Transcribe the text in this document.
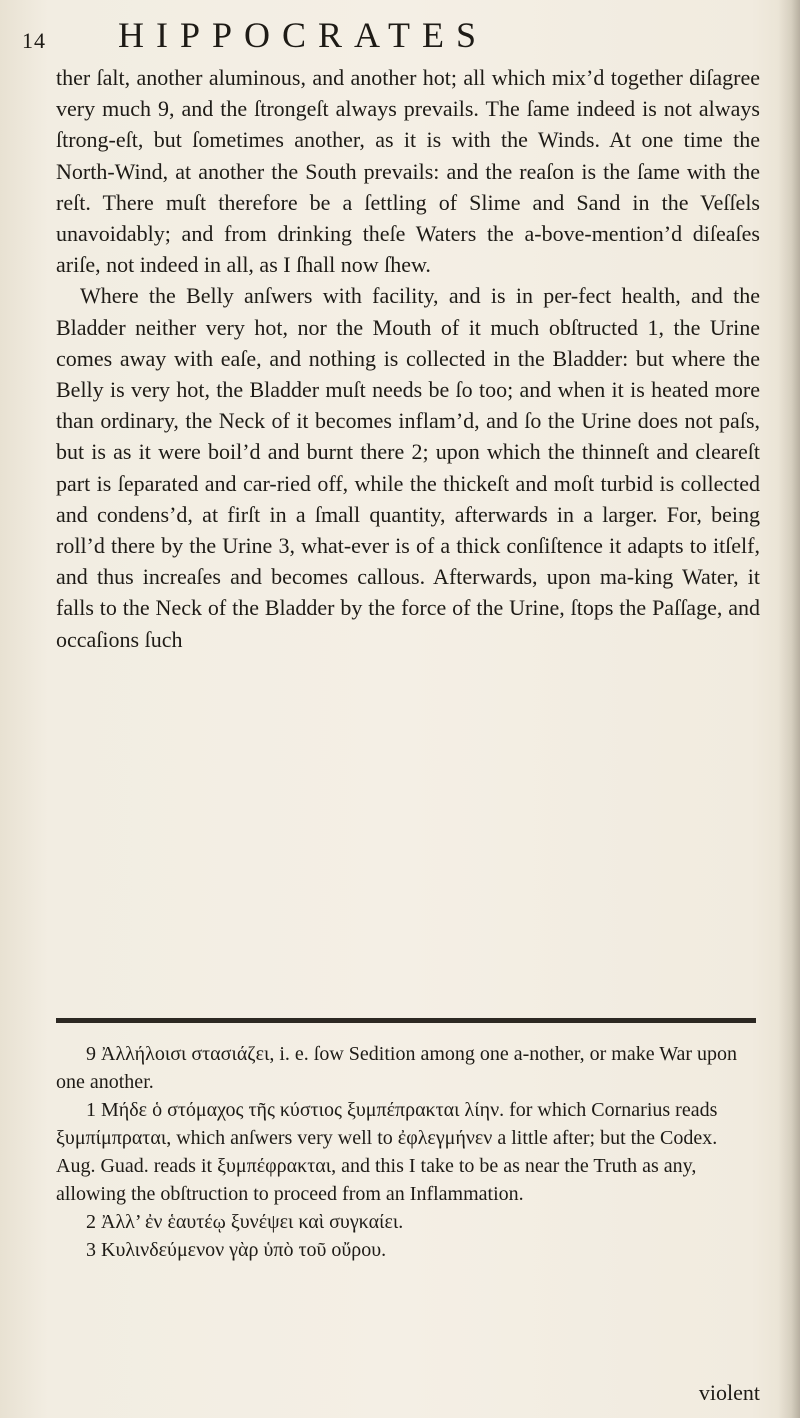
14 HIPPOCRATES

ther ſalt, another aluminous, and another hot; all which mix’d together diſagree very much 9, and the ſtrongeſt always prevails. The ſame indeed is not always ſtrong-eſt, but ſometimes another, as it is with the Winds. At one time the North-Wind, at another the South prevails: and the reaſon is the ſame with the reſt. There muſt therefore be a ſettling of Slime and Sand in the Veſſels unavoidably; and from drinking theſe Waters the a-bove-mention’d diſeaſes ariſe, not indeed in all, as I ſhall now ſhew.

Where the Belly anſwers with facility, and is in per-fect health, and the Bladder neither very hot, nor the Mouth of it much obſtructed 1, the Urine comes away with eaſe, and nothing is collected in the Bladder: but where the Belly is very hot, the Bladder muſt needs be ſo too; and when it is heated more than ordinary, the Neck of it becomes inflam’d, and ſo the Urine does not paſs, but is as it were boil’d and burnt there 2; upon which the thinneſt and cleareſt part is ſeparated and car-ried off, while the thickeſt and moſt turbid is collected and condens’d, at firſt in a ſmall quantity, afterwards in a larger. For, being roll’d there by the Urine 3, what-ever is of a thick conſiſtence it adapts to itſelf, and thus increaſes and becomes callous. Afterwards, upon ma-king Water, it falls to the Neck of the Bladder by the force of the Urine, ſtops the Paſſage, and occaſions ſuch

9 Ἀλλήλοισι στασιάζει, i. e. ſow Sedition among one a-nother, or make War upon one another.

1 Μήδε ὁ στόμαχος τῆς κύστιος ξυμπέπρακται λίην. for which Cornarius reads ξυμπίμπραται, which anſwers very well to ἐφλεγμήνεν a little after; but the Codex. Aug. Guad. reads it ξυμπέφρακται, and this I take to be as near the Truth as any, allowing the obſtruction to proceed from an Inflammation.

2 Ἀλλ’ ἐν ἑαυτέῳ ξυνέψει καὶ συγκαίει.

3 Κυλινδεύμενον γὰρ ὑπὸ τοῦ οὔρου.

violent
